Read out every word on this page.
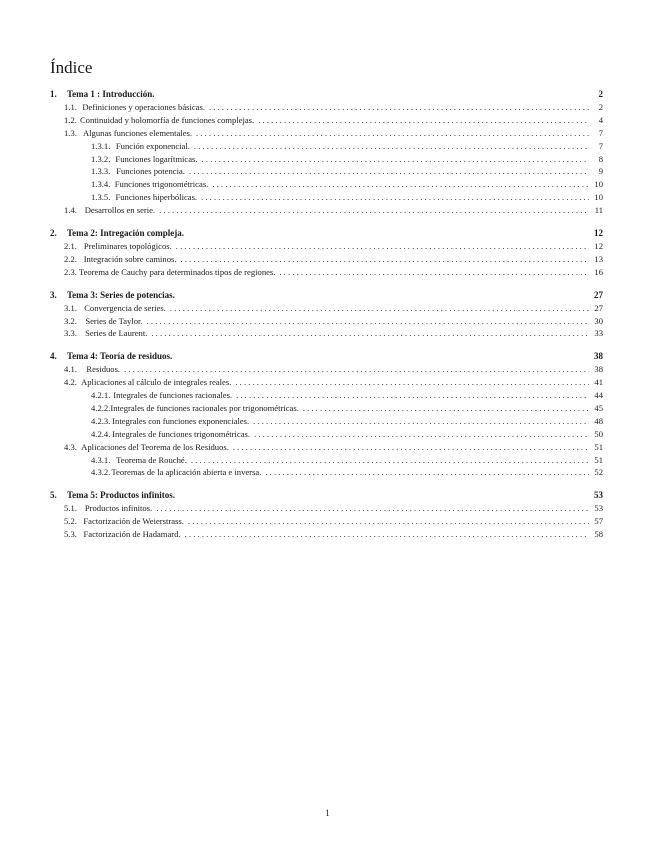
Índice
1.	Tema 1 : Introducción.	2
1.1. Definiciones y operaciones básicas. . . .	2
1.2. Continuidad y holomorfía de funciones complejas. . . .	4
1.3. Algunas funciones elementales. . . .	7
1.3.1. Función exponencial. . . .	7
1.3.2. Funciones logarítmicas. . . .	8
1.3.3. Funciones potencia. . . .	9
1.3.4. Funciones trigonométricas. . . .	10
1.3.5. Funciones hiperbólicas. . . .	10
1.4. Desarrollos en serie. . . .	11
2.	Tema 2: Intregación compleja.	12
2.1. Preliminares topológicos. . . .	12
2.2. Integración sobre caminos. . . .	13
2.3. Teorema de Cauchy para determinados tipos de regiones. . . .	16
3.	Tema 3: Series de potencias.	27
3.1. Convergencia de series. . . .	27
3.2. Series de Taylor. . . .	30
3.3. Series de Laurent. . . .	33
4.	Tema 4: Teoría de residuos.	38
4.1.	Residuos. . . .	38
4.2. Aplicaciones al cálculo de integrales reales. . . .	41
4.2.1. Integrales de funciones racionales. . . .	44
4.2.2. Integrales de funciones racionales por trigonométricas. . . .	45
4.2.3. Integrales con funciones exponenciales. . . .	48
4.2.4. Integrales de funciones trigonométricas. . . .	50
4.3. Aplicaciones del Teorema de los Residuos. . . .	51
4.3.1. Teorema de Rouché. . . .	51
4.3.2. Teoremas de la aplicación abierta e inversa. . . .	52
5.	Tema 5: Productos infinitos.	53
5.1. Productos infinitos. . . .	53
5.2. Factorización de Weierstrass. . . .	57
5.3. Factorización de Hadamard. . . .	58
1
